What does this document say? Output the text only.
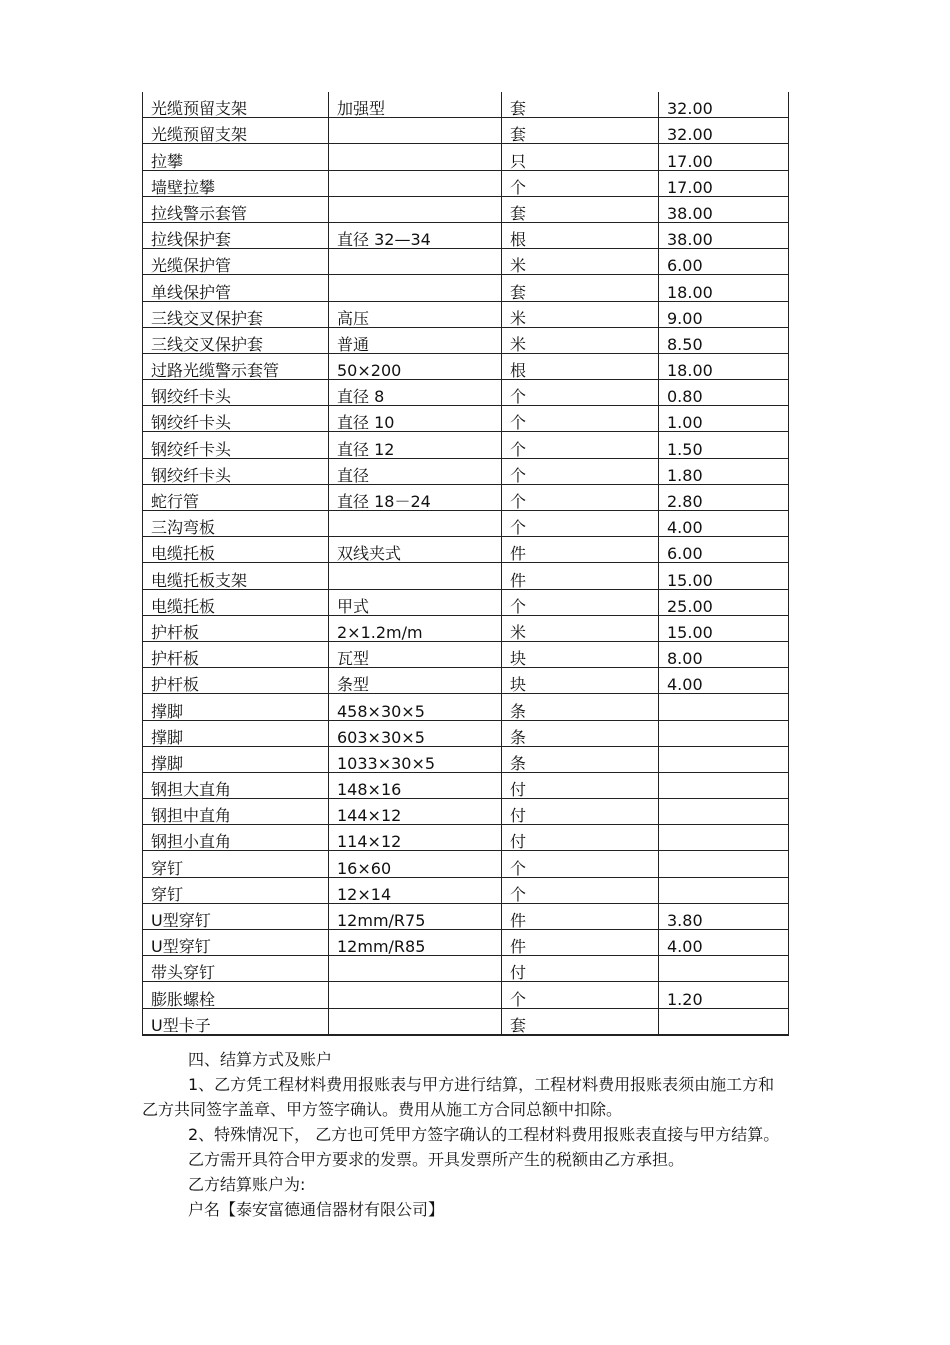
光缆预留支架	加强型	套	32.00
光缆预留支架		套	32.00
拉攀		只	17.00
墙壁拉攀		个	17.00
拉线警示套管		套	38.00
拉线保护套	直径 32—34	根	38.00
光缆保护管		米	6.00
单线保护管		套	18.00
三线交叉保护套	高压	米	9.00
三线交叉保护套	普通	米	8.50
过路光缆警示套管	50×200	根	18.00
钢绞纤卡头	直径 8	个	0.80
钢绞纤卡头	直径 10	个	1.00
钢绞纤卡头	直径 12	个	1.50
钢绞纤卡头	直径	个	1.80
蛇行管	直径 18－24	个	2.80
三沟弯板		个	4.00
电缆托板	双线夹式	件	6.00
电缆托板支架		件	15.00
电缆托板	甲式	个	25.00
护杆板	2×1.2m/m	米	15.00
护杆板	瓦型	块	8.00
护杆板	条型	块	4.00
撑脚	458×30×5	条	
撑脚	603×30×5	条	
撑脚	1033×30×5	条	
钢担大直角	148×16	付	
钢担中直角	144×12	付	
钢担小直角	114×12	付	
穿钉	16×60	个	
穿钉	12×14	个	
U型穿钉	12mm/R75	件	3.80
U型穿钉	12mm/R85	件	4.00
带头穿钉		付	
膨胀螺栓		个	1.20
U型卡子		套	

四、结算方式及账户

1、乙方凭工程材料费用报账表与甲方进行结算，工程材料费用报账表须由施工方和乙方共同签字盖章、甲方签字确认。费用从施工方合同总额中扣除。

2、特殊情况下， 乙方也可凭甲方签字确认的工程材料费用报账表直接与甲方结算。

乙方需开具符合甲方要求的发票。开具发票所产生的税额由乙方承担。

乙方结算账户为:

户名【泰安富德通信器材有限公司】
